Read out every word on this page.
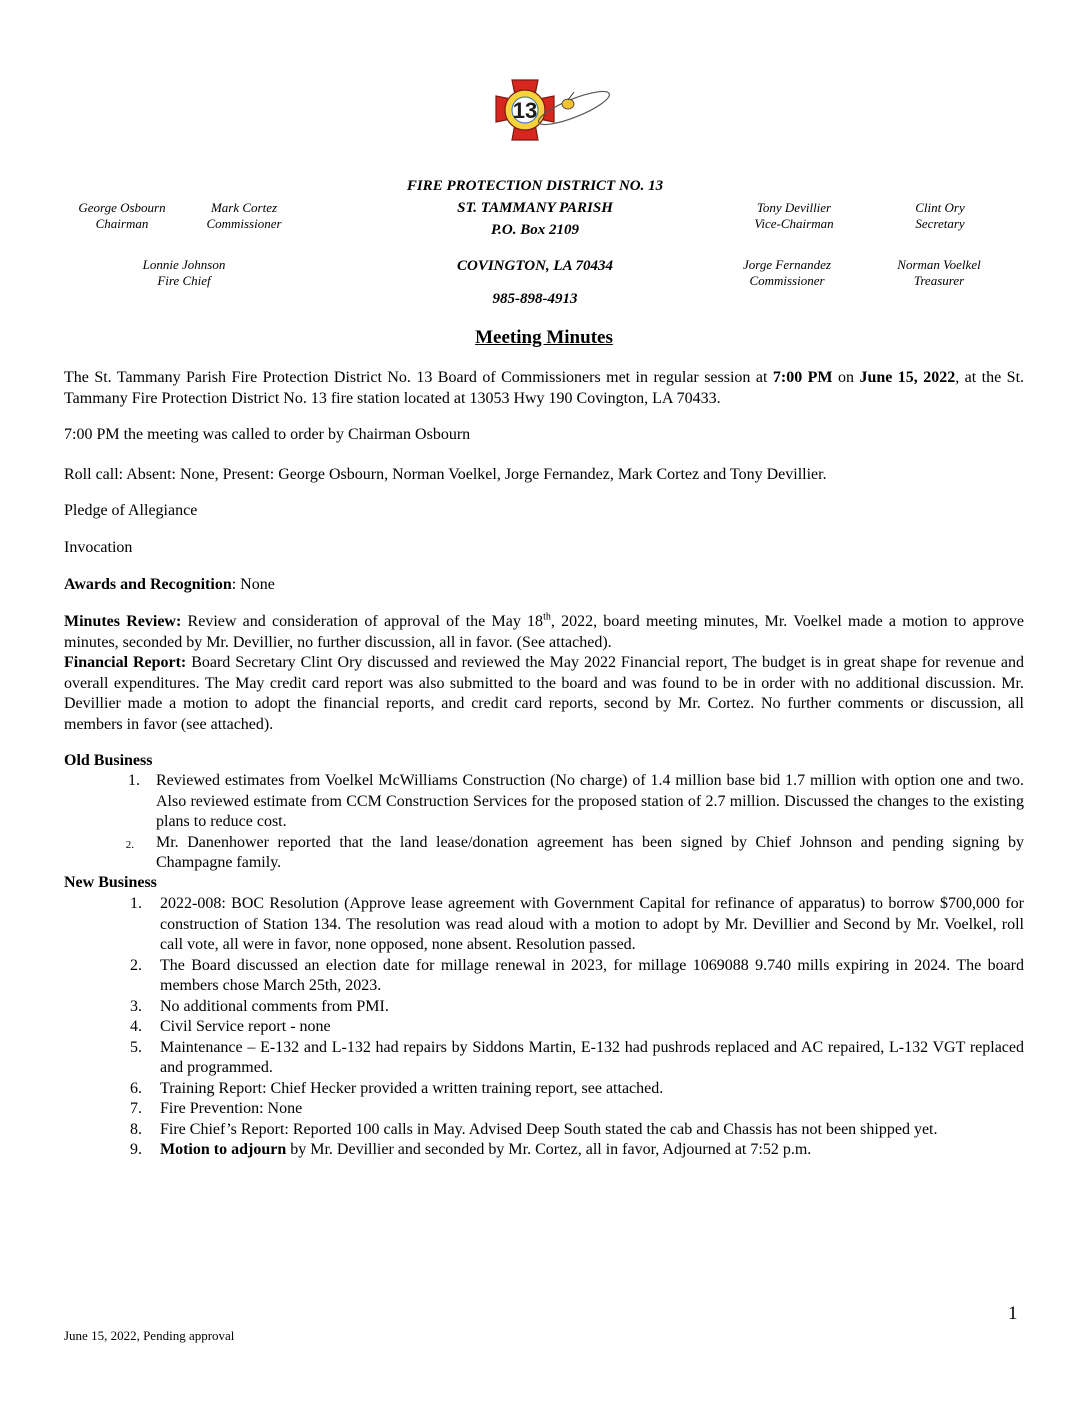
13
FIRE PROTECTION DISTRICT NO. 13
ST. TAMMANY PARISH
P.O. Box 2109
COVINGTON, LA 70434
985-898-4913
George Osbourn
Chairman
Mark Cortez
Commissioner
Lonnie Johnson
Fire Chief
Tony Devillier
Vice-Chairman
Clint Ory
Secretary
Jorge Fernandez
Commissioner
Norman Voelkel
Treasurer
Meeting Minutes
The St. Tammany Parish Fire Protection District No. 13 Board of Commissioners met in regular session at 7:00 PM on June 15, 2022, at the St. Tammany Fire Protection District No. 13 fire station located at 13053 Hwy 190 Covington, LA 70433.
7:00 PM the meeting was called to order by Chairman Osbourn
Roll call: Absent: None, Present: George Osbourn, Norman Voelkel, Jorge Fernandez, Mark Cortez and Tony Devillier.
Pledge of Allegiance
Invocation
Awards and Recognition: None
Minutes Review: Review and consideration of approval of the May 18th, 2022, board meeting minutes, Mr. Voelkel made a motion to approve minutes, seconded by Mr. Devillier, no further discussion, all in favor. (See attached).
Financial Report: Board Secretary Clint Ory discussed and reviewed the May 2022 Financial report, The budget is in great shape for revenue and overall expenditures. The May credit card report was also submitted to the board and was found to be in order with no additional discussion. Mr. Devillier made a motion to adopt the financial reports, and credit card reports, second by Mr. Cortez. No further comments or discussion, all members in favor (see attached).
Old Business
1. Reviewed estimates from Voelkel McWilliams Construction (No charge) of 1.4 million base bid 1.7 million with option one and two. Also reviewed estimate from CCM Construction Services for the proposed station of 2.7 million. Discussed the changes to the existing plans to reduce cost.
2. Mr. Danenhower reported that the land lease/donation agreement has been signed by Chief Johnson and pending signing by Champagne family.
New Business
1. 2022-008: BOC Resolution (Approve lease agreement with Government Capital for refinance of apparatus) to borrow $700,000 for construction of Station 134. The resolution was read aloud with a motion to adopt by Mr. Devillier and Second by Mr. Voelkel, roll call vote, all were in favor, none opposed, none absent. Resolution passed.
2. The Board discussed an election date for millage renewal in 2023, for millage 1069088 9.740 mills expiring in 2024. The board members chose March 25th, 2023.
3. No additional comments from PMI.
4. Civil Service report - none
5. Maintenance – E-132 and L-132 had repairs by Siddons Martin, E-132 had pushrods replaced and AC repaired, L-132 VGT replaced and programmed.
6. Training Report: Chief Hecker provided a written training report, see attached.
7. Fire Prevention: None
8. Fire Chief’s Report: Reported 100 calls in May. Advised Deep South stated the cab and Chassis has not been shipped yet.
9. Motion to adjourn by Mr. Devillier and seconded by Mr. Cortez, all in favor, Adjourned at 7:52 p.m.
1
June 15, 2022, Pending approval
